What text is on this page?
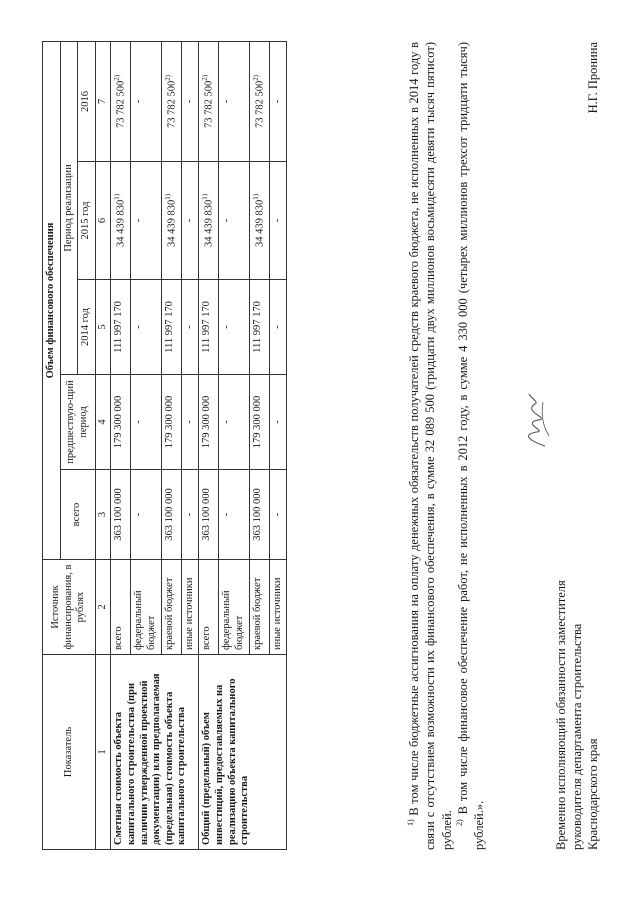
Показатель	Источник финансирования, в рублях	Объем финансового обеспечения				
		всего	предшествую-щий период	Период реализации		
				2014 год	2015 год	2016
1	2	3	4	5	6	7
Сметная стоимость объекта капитального строительства (при наличии утвержденной проектной документации) или предполагаемая (предельная) стоимость объекта капитального строительства	всего	363 100 000	179 300 000	111 997 170	34 439 830$^{1)}$	73 782 500$^{2)}$
	федеральный бюджет	-	-	-	-	-
	краевой бюджет	363 100 000	179 300 000	111 997 170	34 439 830$^{1)}$	73 782 500$^{2)}$
	иные источники	-	-	-	-	-
Общий (предельный) объем инвестиций, предоставляемых на реализацию объекта капитального строительства	всего	363 100 000	179 300 000	111 997 170	34 439 830$^{1)}$	73 782 500$^{2)}$
	федеральный бюджет	-	-	-	-	-
	краевой бюджет	363 100 000	179 300 000	111 997 170	34 439 830$^{1)}$	73 782 500$^{2)}$
	иные источники	-	-	-	-	-

$^{1)}$ В том числе бюджетные ассигнования на оплату денежных обязательств получателей средств краевого бюджета, не исполненных в 2014 году в связи с отсутствием возможности их финансового обеспечения, в сумме 32 089 500 (тридцати двух миллионов восьмидесяти девяти тысяч пятисот) рублей. $^{2)}$ В том числе финансовое обеспечение работ, не исполненных в 2012 году, в сумме 4 330 000 (четырех миллионов трехсот тридцати тысяч) рублей.».	Временно исполняющий обязанности заместителя руководителя департамента строительства Краснодарского края
Н.Г. Пронина
